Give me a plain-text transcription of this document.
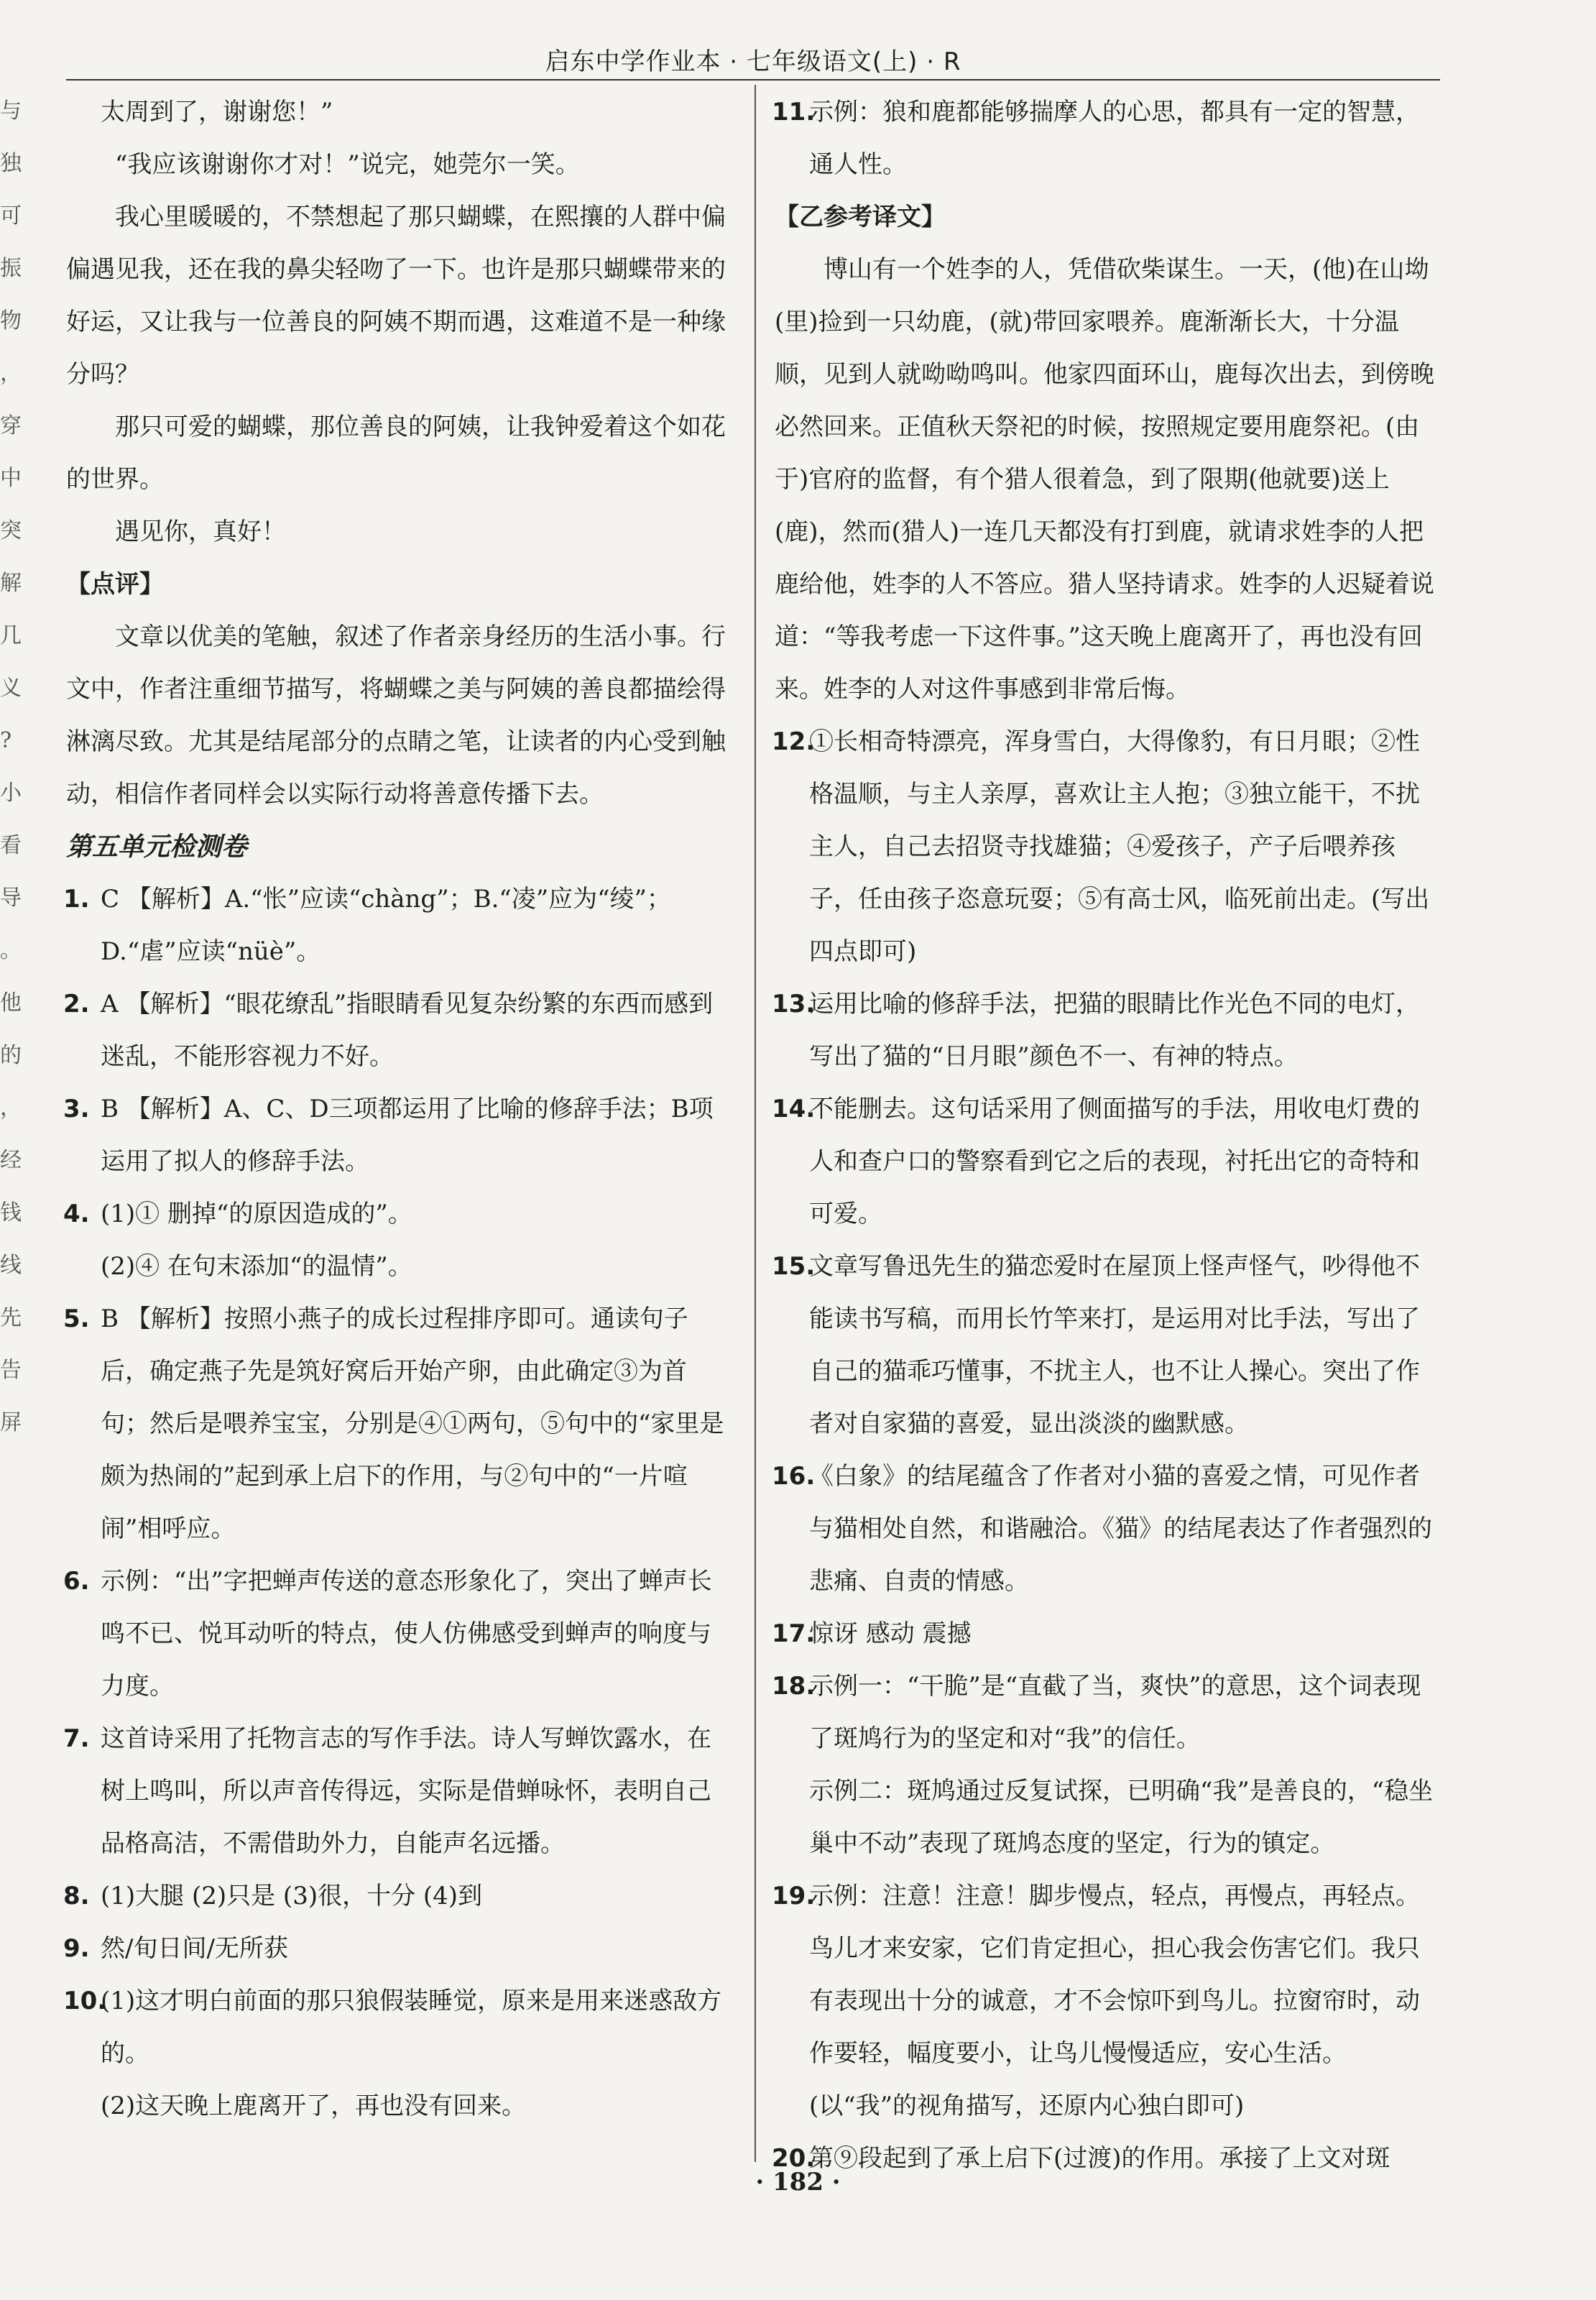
启东中学作业本 · 七年级语文(上) · R
与
独
可
振
物
，
穿
中
突
解
几
义
?
小
看
导
。
他
的
，
经
钱
线
先
告
屏

太周到了，谢谢您！”

“我应该谢谢你才对！”说完，她莞尔一笑。

我心里暖暖的，不禁想起了那只蝴蝶，在熙攘的人群中偏偏遇见我，还在我的鼻尖轻吻了一下。也许是那只蝴蝶带来的好运，又让我与一位善良的阿姨不期而遇，这难道不是一种缘分吗？

那只可爱的蝴蝶，那位善良的阿姨，让我钟爱着这个如花的世界。

遇见你，真好！

【点评】

文章以优美的笔触，叙述了作者亲身经历的生活小事。行文中，作者注重细节描写，将蝴蝶之美与阿姨的善良都描绘得淋漓尽致。尤其是结尾部分的点睛之笔，让读者的内心受到触动，相信作者同样会以实际行动将善意传播下去。

第五单元检测卷

1. C 【解析】A.“怅”应读“chàng”；B.“凌”应为“绫”；D.“虐”应读“nüè”。

2. A 【解析】“眼花缭乱”指眼睛看见复杂纷繁的东西而感到迷乱，不能形容视力不好。

3. B 【解析】A、C、D三项都运用了比喻的修辞手法；B项运用了拟人的修辞手法。

4. (1)① 删掉“的原因造成的”。

(2)④ 在句末添加“的温情”。

5. B 【解析】按照小燕子的成长过程排序即可。通读句子后，确定燕子先是筑好窝后开始产卵，由此确定③为首句；然后是喂养宝宝，分别是④①两句，⑤句中的“家里是颇为热闹的”起到承上启下的作用，与②句中的“一片喧闹”相呼应。

6. 示例：“出”字把蝉声传送的意态形象化了，突出了蝉声长鸣不已、悦耳动听的特点，使人仿佛感受到蝉声的响度与力度。

7. 这首诗采用了托物言志的写作手法。诗人写蝉饮露水，在树上鸣叫，所以声音传得远，实际是借蝉咏怀，表明自己品格高洁，不需借助外力，自能声名远播。

8. (1)大腿 (2)只是 (3)很，十分 (4)到

9. 然/旬日间/无所获

10.

(1)这才明白前面的那只狼假装睡觉，原来是用来迷惑敌方的。

(2)这天晚上鹿离开了，再也没有回来。

11.

示例：狼和鹿都能够揣摩人的心思，都具有一定的智慧，通人性。

【乙参考译文】

博山有一个姓李的人，凭借砍柴谋生。一天，(他)在山坳(里)捡到一只幼鹿，(就)带回家喂养。鹿渐渐长大，十分温顺，见到人就呦呦鸣叫。他家四面环山，鹿每次出去，到傍晚必然回来。正值秋天祭祀的时候，按照规定要用鹿祭祀。(由于)官府的监督，有个猎人很着急，到了限期(他就要)送上(鹿)，然而(猎人)一连几天都没有打到鹿，就请求姓李的人把鹿给他，姓李的人不答应。猎人坚持请求。姓李的人迟疑着说道：“等我考虑一下这件事。”这天晚上鹿离开了，再也没有回来。姓李的人对这件事感到非常后悔。

12.

①长相奇特漂亮，浑身雪白，大得像豹，有日月眼；②性格温顺，与主人亲厚，喜欢让主人抱；③独立能干，不扰主人，自己去招贤寺找雄猫；④爱孩子，产子后喂养孩子，任由孩子恣意玩耍；⑤有高士风，临死前出走。(写出四点即可)

13.

运用比喻的修辞手法，把猫的眼睛比作光色不同的电灯，写出了猫的“日月眼”颜色不一、有神的特点。

14.

不能删去。这句话采用了侧面描写的手法，用收电灯费的人和查户口的警察看到它之后的表现，衬托出它的奇特和可爱。

15.

文章写鲁迅先生的猫恋爱时在屋顶上怪声怪气，吵得他不能读书写稿，而用长竹竿来打，是运用对比手法，写出了自己的猫乖巧懂事，不扰主人，也不让人操心。突出了作者对自家猫的喜爱，显出淡淡的幽默感。

16.

《白象》的结尾蕴含了作者对小猫的喜爱之情，可见作者与猫相处自然，和谐融洽。《猫》的结尾表达了作者强烈的悲痛、自责的情感。

17.

惊讶 感动 震撼

18.

示例一：“干脆”是“直截了当，爽快”的意思，这个词表现了斑鸠行为的坚定和对“我”的信任。

示例二：斑鸠通过反复试探，已明确“我”是善良的，“稳坐巢中不动”表现了斑鸠态度的坚定，行为的镇定。

19.

示例：注意！注意！脚步慢点，轻点，再慢点，再轻点。鸟儿才来安家，它们肯定担心，担心我会伤害它们。我只有表现出十分的诚意，才不会惊吓到鸟儿。拉窗帘时，动作要轻，幅度要小，让鸟儿慢慢适应，安心生活。(以“我”的视角描写，还原内心独白即可)

20.

第⑨段起到了承上启下(过渡)的作用。承接了上文对斑

· 182 ·
